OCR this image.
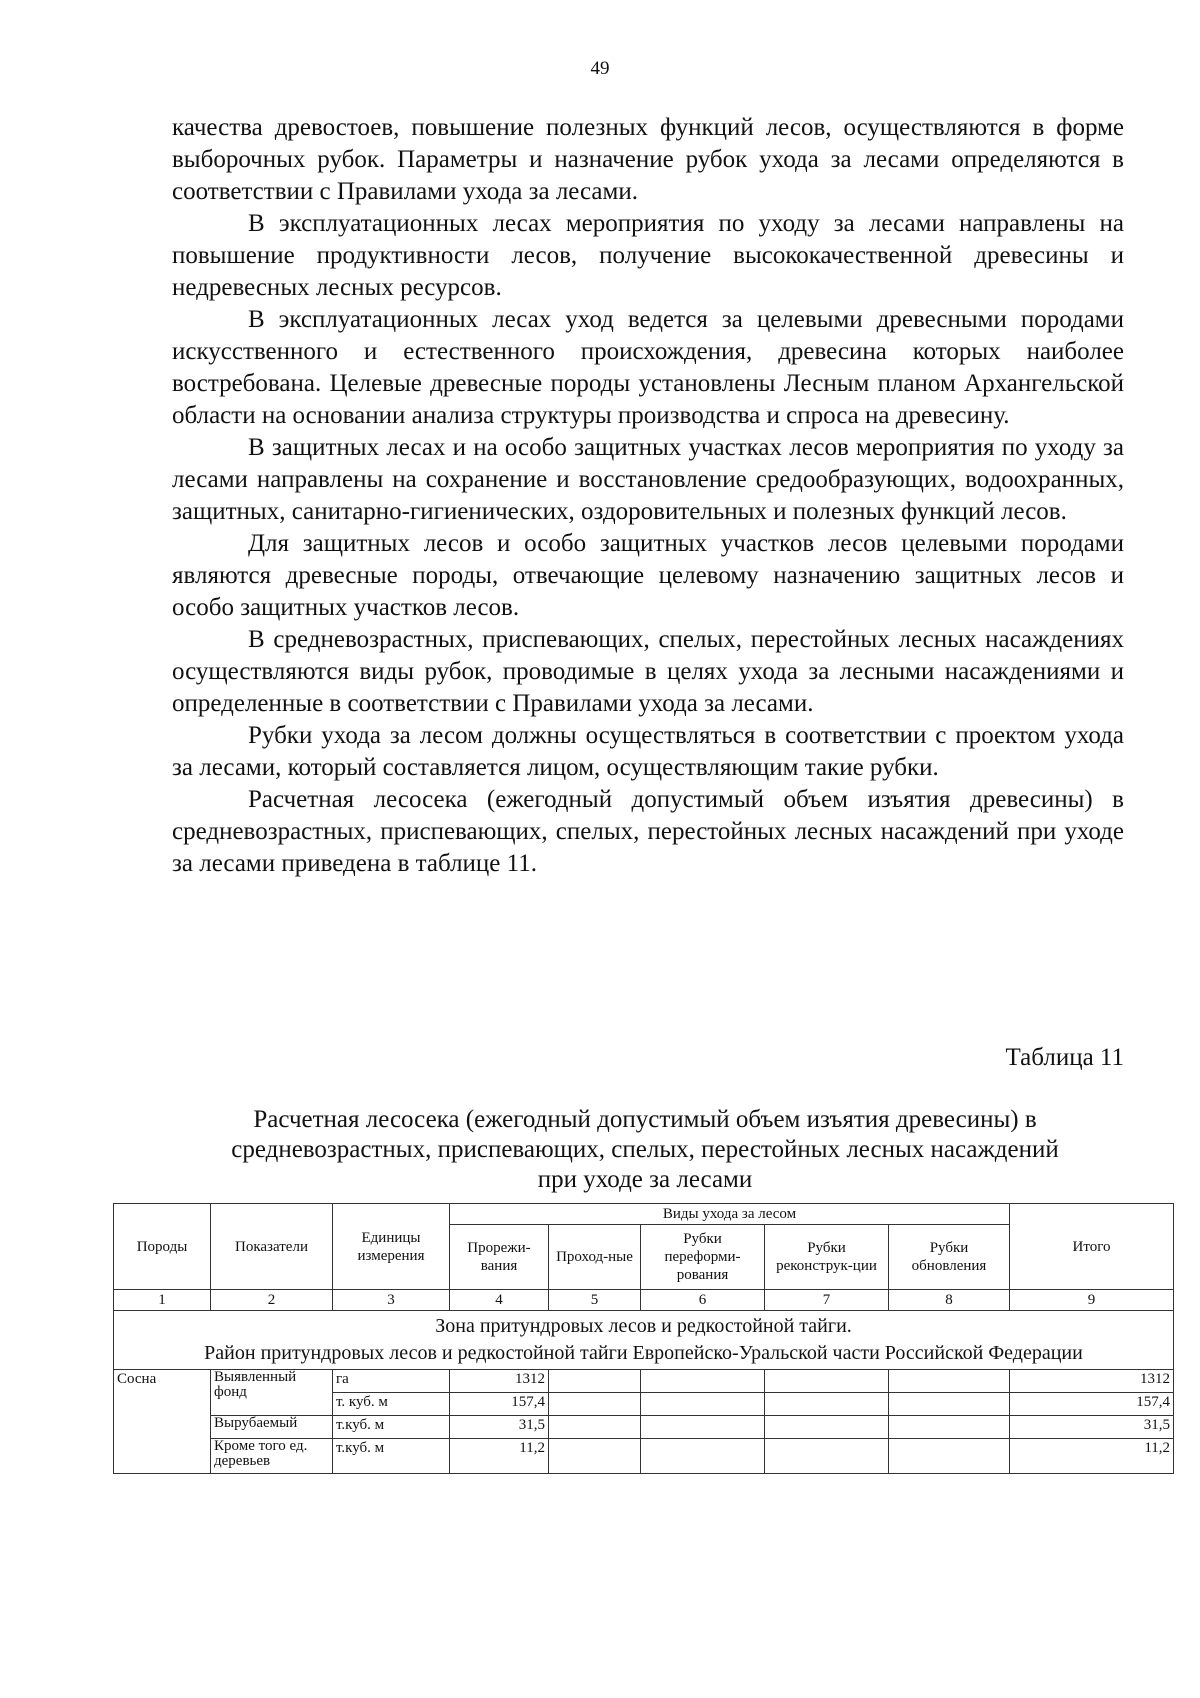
49

качества древостоев, повышение полезных функций лесов, осуществляются в форме выборочных рубок. Параметры и назначение рубок ухода за лесами определяются в соответствии с Правилами ухода за лесами.

В эксплуатационных лесах мероприятия по уходу за лесами направлены на повышение продуктивности лесов, получение высококачественной древесины и недревесных лесных ресурсов.

В эксплуатационных лесах уход ведется за целевыми древесными породами искусственного и естественного происхождения, древесина которых наиболее востребована. Целевые древесные породы установлены Лесным планом Архангельской области на основании анализа структуры производства и спроса на древесину.

В защитных лесах и на особо защитных участках лесов мероприятия по уходу за лесами направлены на сохранение и восстановление средообразующих, водоохранных, защитных, санитарно-гигиенических, оздоровительных и полезных функций лесов.

Для защитных лесов и особо защитных участков лесов целевыми породами являются древесные породы, отвечающие целевому назначению защитных лесов и особо защитных участков лесов.

В средневозрастных, приспевающих, спелых, перестойных лесных насаждениях осуществляются виды рубок, проводимые в целях ухода за лесными насаждениями и определенные в соответствии с Правилами ухода за лесами.

Рубки ухода за лесом должны осуществляться в соответствии с проектом ухода за лесами, который составляется лицом, осуществляющим такие рубки.

Расчетная лесосека (ежегодный допустимый объем изъятия древесины) в средневозрастных, приспевающих, спелых, перестойных лесных насаждений при уходе за лесами приведена в таблице 11.

Таблица 11
Расчетная лесосека (ежегодный допустимый объем изъятия древесины) в средневозрастных, приспевающих, спелых, перестойных лесных насаждений при уходе за лесами
Породы	Показатели	Единицы измерения	Виды ухода за лесом					Итого
			Прорежи-вания	Проход-ные	Рубки переформи-рования	Рубки реконструк-ции	Рубки обновления	
1	2	3	4	5	6	7	8	9

Зона притундровых лесов и редкостойной тайги.
Район притундровых лесов и редкостойной тайги Европейско-Уральской части Российской Федерации								

Сосна	Выявленный фонд	га	1312					1312
		т. куб. м	157,4					157,4
	Вырубаемый	т.куб. м	31,5					31,5
	Кроме того ед. деревьев	т.куб. м	11,2					11,2
